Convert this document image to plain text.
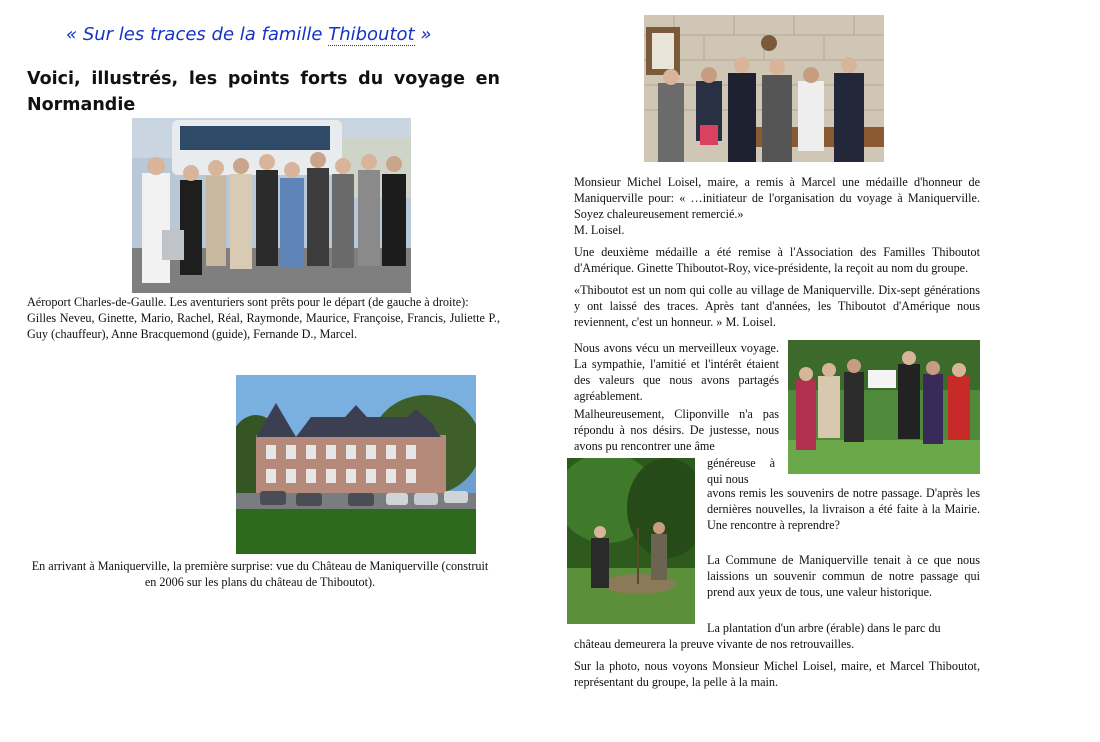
« Sur les traces de la famille Thiboutot »
Voici, illustrés, les points forts du voyage en Normandie
Aéroport Charles-de-Gaulle. Les aventuriers sont prêts pour le départ (de gauche à droite):
Gilles Neveu, Ginette, Mario, Rachel, Réal, Raymonde, Maurice, Françoise, Francis, Juliette P., Guy (chauffeur), Anne Bracquemond (guide), Fernande D., Marcel.
En arrivant à Maniquerville, la première surprise: vue du Château de Maniquerville (construit en 2006 sur les plans du château de Thiboutot).
Monsieur Michel Loisel, maire, a remis à Marcel une médaille d'honneur de Maniquerville pour: « …initiateur de l'organisation du voyage à Maniquerville. Soyez chaleureusement remercié.»
M. Loisel.
Une deuxième médaille a été remise à l'Association des Familles Thiboutot d'Amérique. Ginette Thiboutot-Roy, vice-présidente, la reçoit au nom du groupe.
«Thiboutot est un nom qui colle au village de Maniquerville. Dix-sept générations y ont laissé des traces. Après tant d'années, les Thiboutot d'Amérique nous reviennent, c'est un honneur. » M. Loisel.
Nous avons vécu un merveilleux voyage. La sympathie, l'amitié et l'intérêt étaient des valeurs que nous avons partagés agréablement.
Malheureusement, Cliponville n'a pas répondu à nos désirs. De justesse, nous avons pu rencontrer une âme
généreuse à qui nous
avons remis les souvenirs de notre passage. D'après les dernières nouvelles, la livraison a été faite à la Mairie. Une rencontre à reprendre?
La Commune de Maniquerville tenait à ce que nous laissions un souvenir commun de notre passage qui prend aux yeux de tous, une valeur historique.
La plantation d'un arbre (érable) dans le parc du
château demeurera la preuve vivante de nos retrouvailles.
Sur la photo, nous voyons Monsieur Michel Loisel, maire, et Marcel Thiboutot, représentant du groupe, la pelle à la main.
